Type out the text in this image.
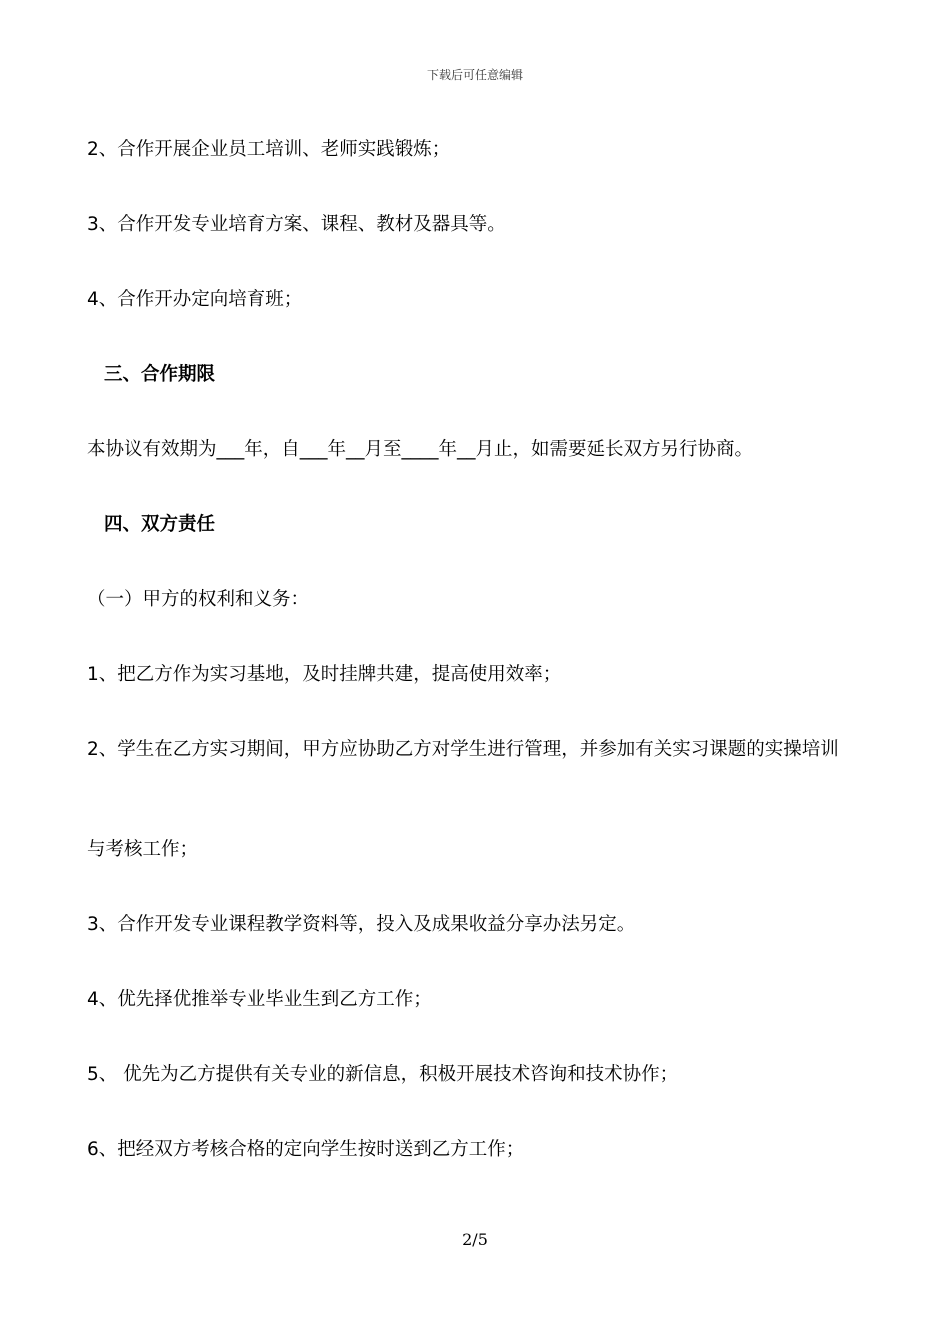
下载后可任意编辑
2、合作开展企业员工培训、老师实践锻炼；
3、合作开发专业培育方案、课程、教材及器具等。
4、合作开办定向培育班；
三、合作期限
本协议有效期为___年，自___年__月至____年__月止，如需要延长双方另行协商。
四、双方责任
（一）甲方的权利和义务：
1、把乙方作为实习基地，及时挂牌共建，提高使用效率；
2、学生在乙方实习期间，甲方应协助乙方对学生进行管理，并参加有关实习课题的实操培训
与考核工作；
3、合作开发专业课程教学资料等，投入及成果收益分享办法另定。
4、优先择优推举专业毕业生到乙方工作；
5、 优先为乙方提供有关专业的新信息，积极开展技术咨询和技术协作；
6、把经双方考核合格的定向学生按时送到乙方工作；
2/5
